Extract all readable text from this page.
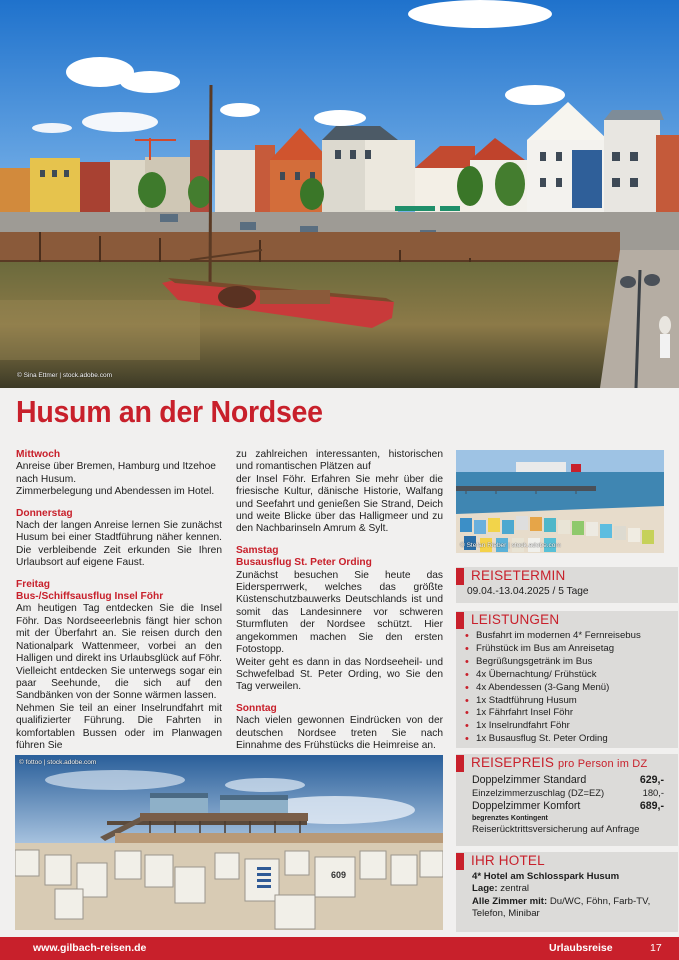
© Sina Ettmer | stock.adobe.com
Husum an der Nordsee

Mittwoch

Anreise über Bremen, Hamburg und Itzehoe nach Husum.
Zimmerbelegung und Abendessen im Hotel.

Donnerstag

Nach der langen Anreise lernen Sie zunächst Husum bei einer Stadtführung näher kennen. Die verbleibende Zeit erkunden Sie Ihren Urlaubsort auf eigene Faust.

Freitag

Bus-/Schiffsausflug Insel Föhr

Am heutigen Tag entdecken Sie die Insel Föhr. Das Nordseeerlebnis fängt hier schon mit der Überfahrt an. Sie reisen durch den Nationalpark Wattenmeer, vorbei an den Halligen und direkt ins Urlaubsglück auf Föhr. Vielleicht entdecken Sie unterwegs sogar ein paar Seehunde, die sich auf den Sandbänken von der Sonne wärmen lassen.
Nehmen Sie teil an einer Inselrundfahrt mit qualifizierter Führung. Die Fahrten in komfortablen Bussen oder im Planwagen führen Sie

zu zahlreichen interessanten, historischen und romantischen Plätzen auf
der Insel Föhr. Erfahren Sie mehr über die friesische Kultur, dänische Historie, Walfang und Seefahrt und genießen Sie Strand, Deich und weite Blicke über das Halligmeer und zu den Nachbarinseln Amrum & Sylt.

Samstag

Busausflug St. Peter Ording

Zunächst besuchen Sie heute das Eidersperrwerk, welches das größte Küstenschutzbauwerks Deutschlands ist und somit das Landesinnere vor schweren Sturmfluten der Nordsee schützt. Hier angekommen machen Sie den ersten Fotostopp.
Weiter geht es dann in das Nordseeheil- und Schwefelbad St. Peter Ording, wo Sie den Tag verweilen.

Sonntag

Nach vielen gewonnen Eindrücken von der deutschen Nordsee treten Sie nach Einnahme des Frühstücks die Heimreise an.

© Stefan Rieber | stock.adobe.com
REISETERMIN
09.04.-13.04.2025 / 5 Tage
LEISTUNGEN
• Busfahrt im modernen 4* Fernreisebus
• Frühstück im Bus am Anreisetag
• Begrüßungsgetränk im Bus
• 4x Übernachtung/ Frühstück
• 4x Abendessen (3-Gang Menü)
• 1x Stadtführung Husum
• 1x Fährfahrt Insel Föhr
• 1x Inselrundfahrt Föhr
• 1x Busausflug St. Peter Ording
REISEPREIS pro Person im DZ
Doppelzimmer Standard	629,-
Einzelzimmerzuschlag (DZ=EZ)	180,-
Doppelzimmer Komfort	689,-
begrenztes Kontingent
Reiserücktrittsversicherung auf Anfrage
IHR HOTEL
4* Hotel am Schlosspark Husum
Lage: zentral
Alle Zimmer mit: Du/WC, Föhn, Farb-TV, Telefon, Minibar
609
© fottoo | stock.adobe.com
www.gilbach-reisen.de	Urlaubsreise	17
